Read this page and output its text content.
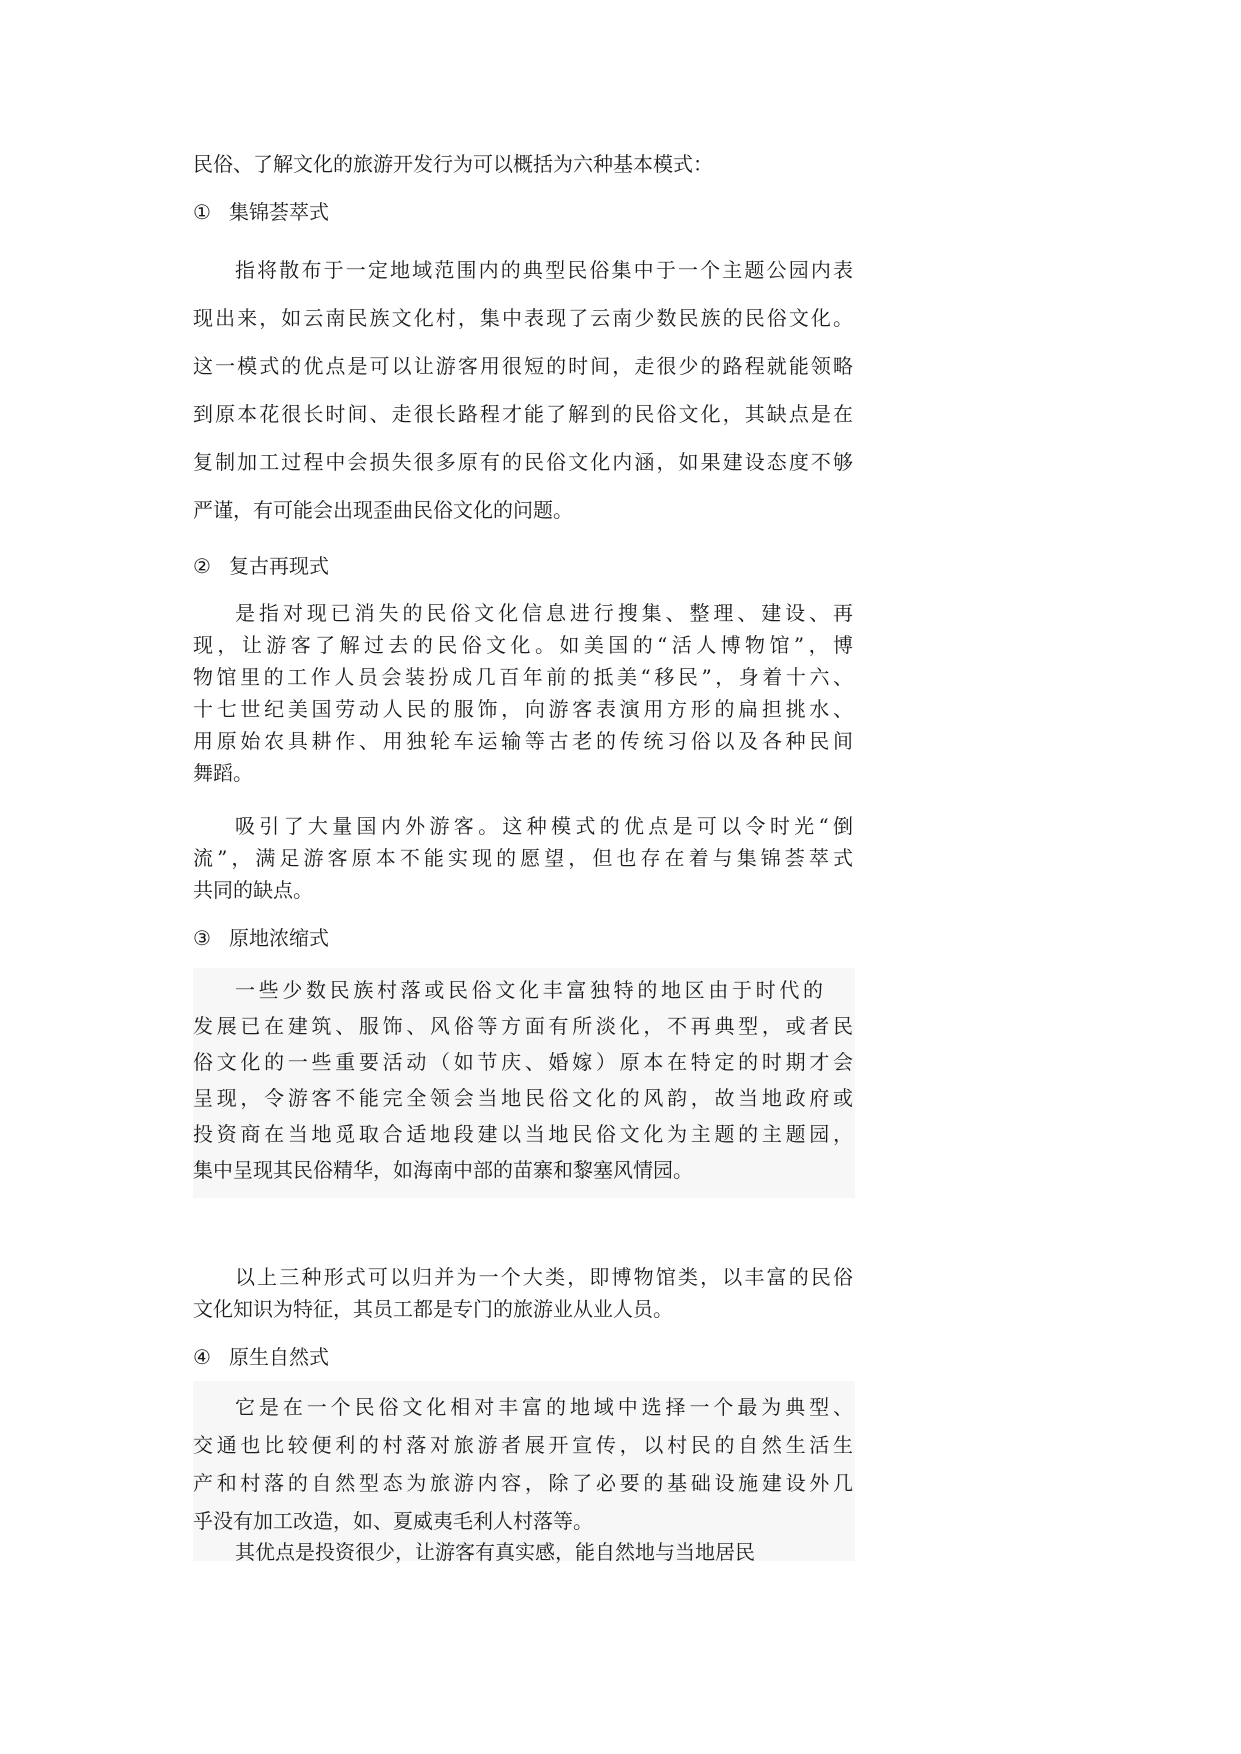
民俗、了解文化的旅游开发行为可以概括为六种基本模式：
① 集锦荟萃式
指将散布于一定地域范围内的典型民俗集中于一个主题公园内表
现出来，如云南民族文化村，集中表现了云南少数民族的民俗文化。
这一模式的优点是可以让游客用很短的时间，走很少的路程就能领略
到原本花很长时间、走很长路程才能了解到的民俗文化，其缺点是在
复制加工过程中会损失很多原有的民俗文化内涵，如果建设态度不够
严谨，有可能会出现歪曲民俗文化的问题。
② 复古再现式
是指对现已消失的民俗文化信息进行搜集、整理、建设、再
现，让游客了解过去的民俗文化。如美国的“活人博物馆”，博
物馆里的工作人员会装扮成几百年前的抵美“移民”，身着十六、
十七世纪美国劳动人民的服饰，向游客表演用方形的扁担挑水、
用原始农具耕作、用独轮车运输等古老的传统习俗以及各种民间
舞蹈。
吸引了大量国内外游客。这种模式的优点是可以令时光“倒
流”，满足游客原本不能实现的愿望，但也存在着与集锦荟萃式
共同的缺点。
③ 原地浓缩式
一些少数民族村落或民俗文化丰富独特的地区由于时代的
发展已在建筑、服饰、风俗等方面有所淡化，不再典型，或者民
俗文化的一些重要活动（如节庆、婚嫁）原本在特定的时期才会
呈现，令游客不能完全领会当地民俗文化的风韵，故当地政府或
投资商在当地觅取合适地段建以当地民俗文化为主题的主题园，
集中呈现其民俗精华，如海南中部的苗寨和黎塞风情园。
以上三种形式可以归并为一个大类，即博物馆类，以丰富的民俗
文化知识为特征，其员工都是专门的旅游业从业人员。
④ 原生自然式
它是在一个民俗文化相对丰富的地域中选择一个最为典型、
交通也比较便利的村落对旅游者展开宣传，以村民的自然生活生
产和村落的自然型态为旅游内容，除了必要的基础设施建设外几
乎没有加工改造，如、夏威夷毛利人村落等。
其优点是投资很少，让游客有真实感，能自然地与当地居民
